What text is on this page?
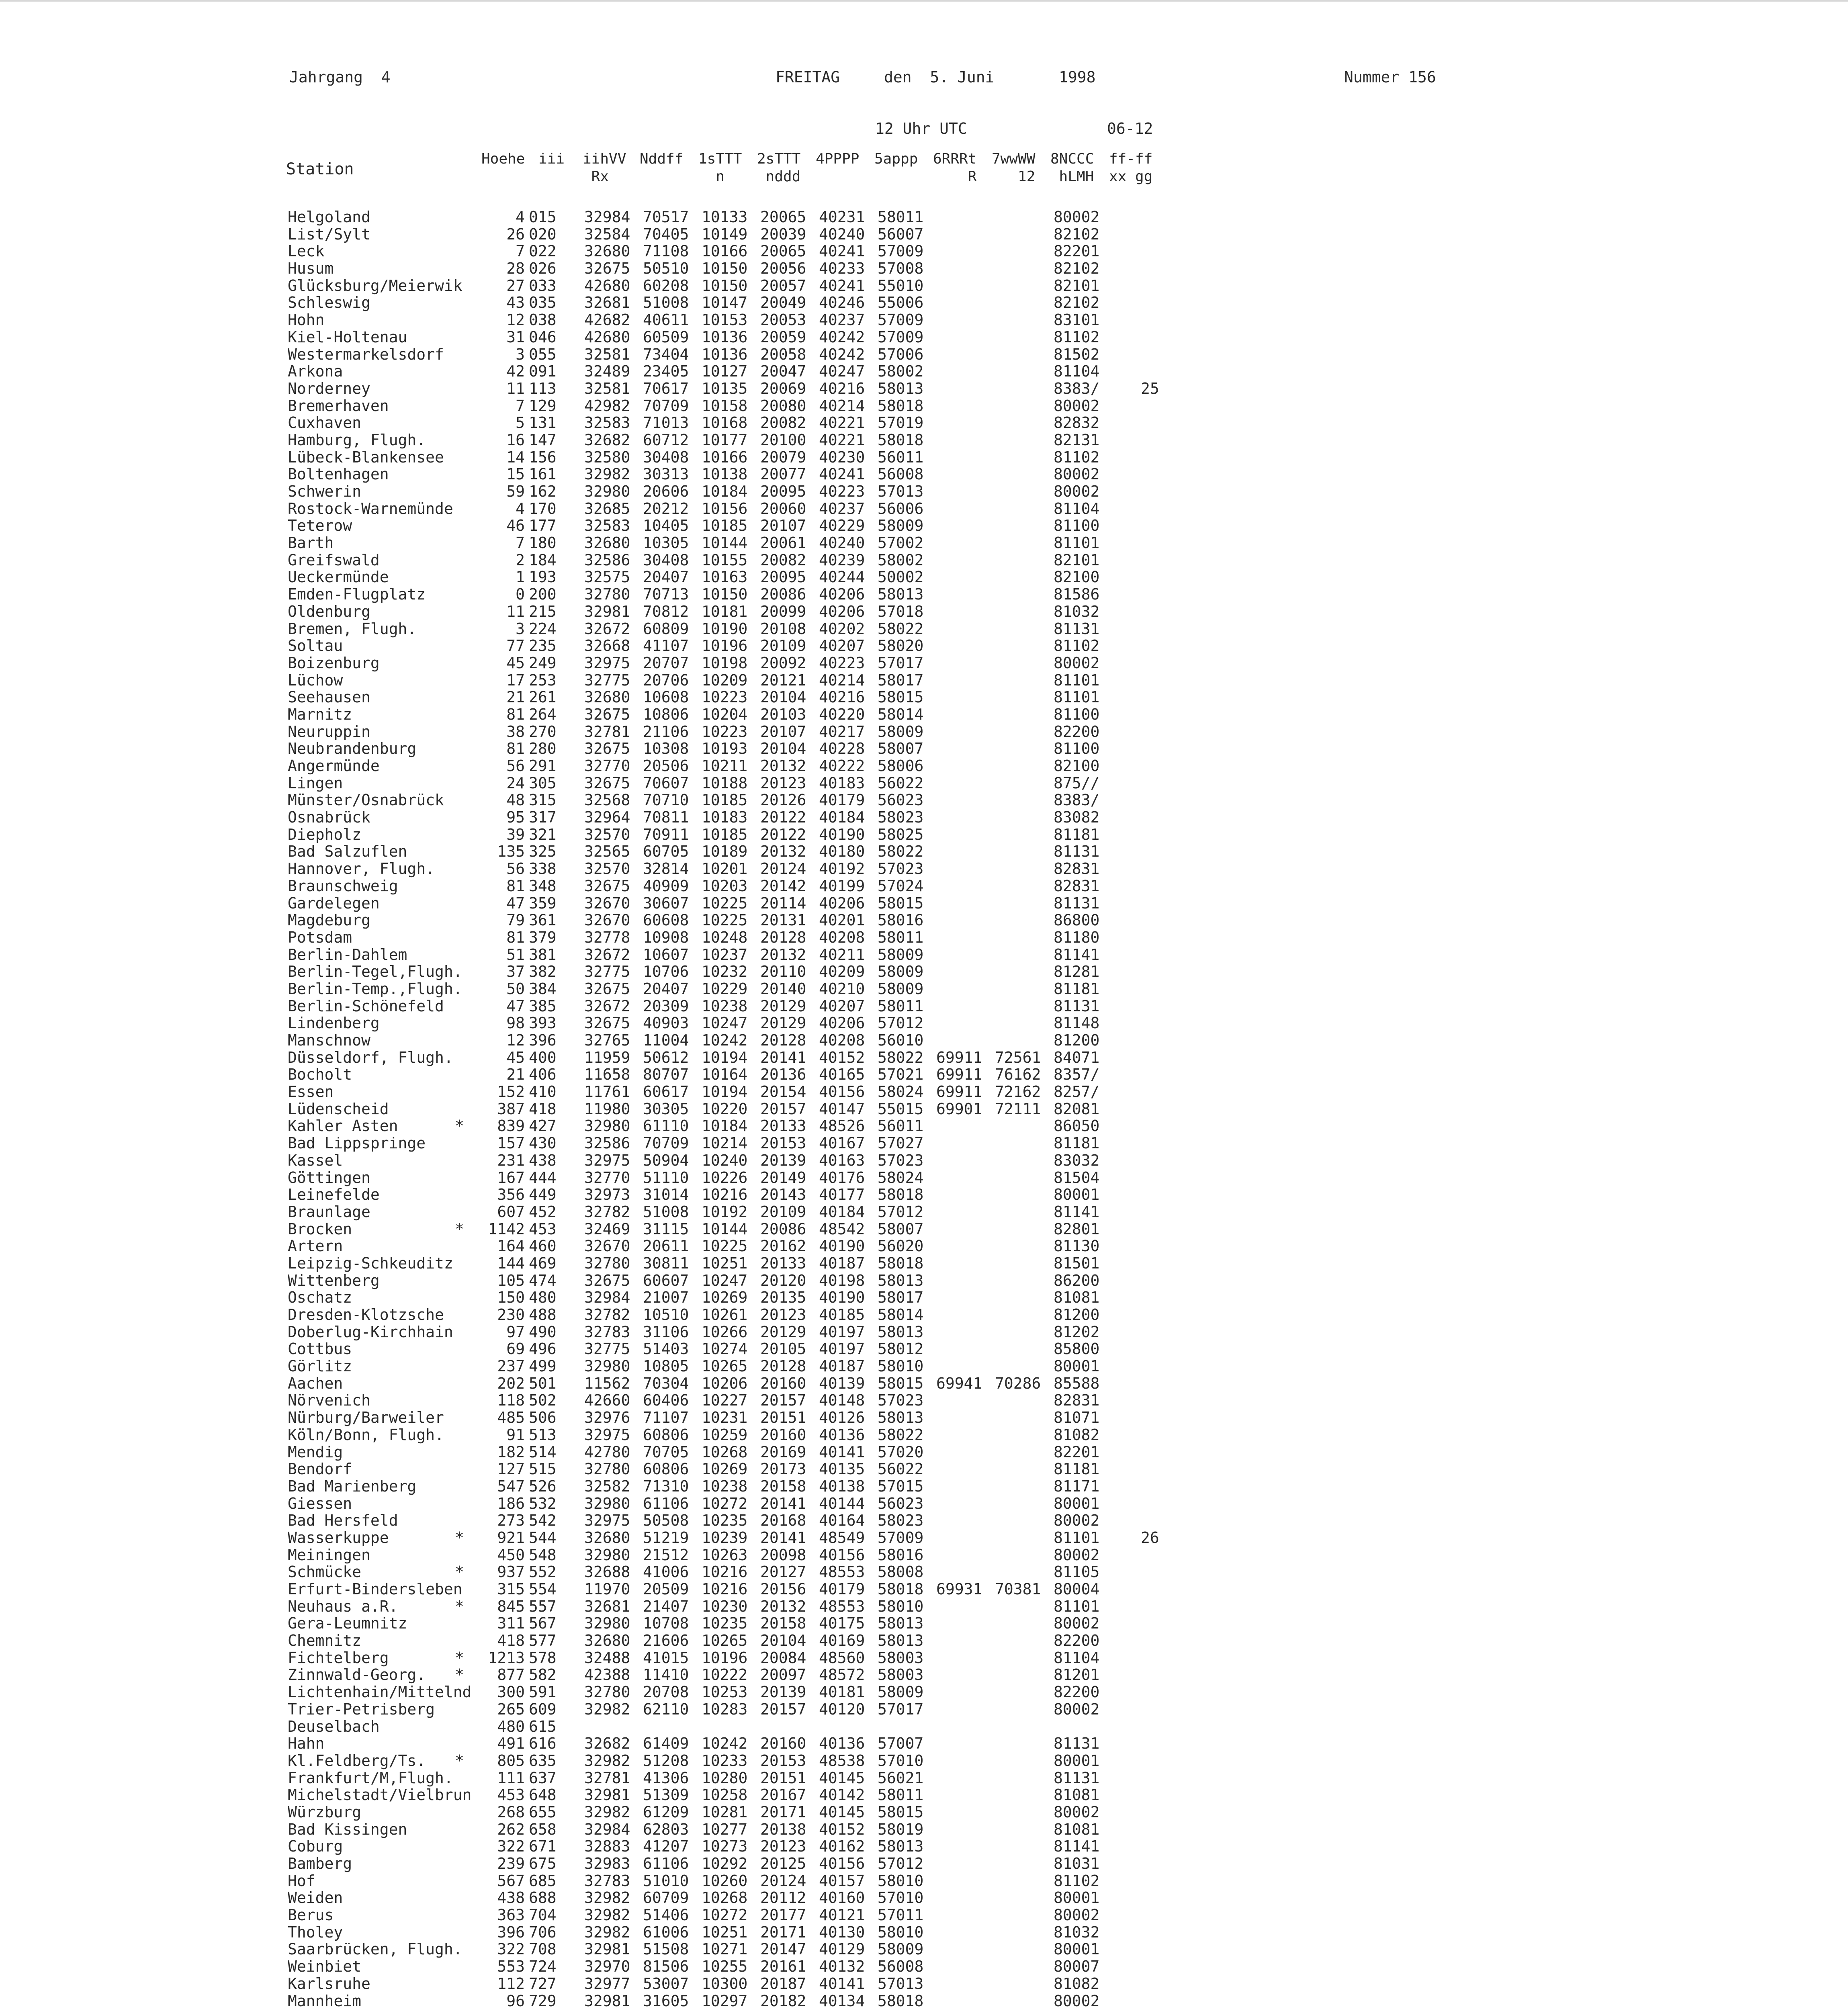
Jahrgang  4	FREITAG	den  5. Juni	1998	Nummer 156
12 Uhr UTC	06-12
Station
Hoehe iii iihVV
Rx
Nddff 1sTTT
n
2sTTT
nddd
4PPPP 5appp 6RRRt
R
7wwWW
12
8NCCC
hLMH
ff-ff
xx gg
Helgoland	4 015 32984 70517 10133 20065 40231 58011	80002
List/Sylt	26 020 32584 70405 10149 20039 40240 56007	82102
Leck	7 022 32680 71108 10166 20065 40241 57009	82201
Husum	28 026 32675 50510 10150 20056 40233 57008	82102
Glücksburg/Meierwik	27 033 42680 60208 10150 20057 40241 55010	82101
Schleswig	43 035 32681 51008 10147 20049 40246 55006	82102
Hohn	12 038 42682 40611 10153 20053 40237 57009	83101
Kiel-Holtenau	31 046 42680 60509 10136 20059 40242 57009	81102
Westermarkelsdorf	3 055 32581 73404 10136 20058 40242 57006	81502
Arkona	42 091 32489 23405 10127 20047 40247 58002	81104
Norderney	11 113 32581 70617 10135 20069 40216 58013	8383/	25
Bremerhaven	7 129 42982 70709 10158 20080 40214 58018	80002
Cuxhaven	5 131 32583 71013 10168 20082 40221 57019	82832
Hamburg, Flugh.	16 147 32682 60712 10177 20100 40221 58018	82131
Lübeck-Blankensee	14 156 32580 30408 10166 20079 40230 56011	81102
Boltenhagen	15 161 32982 30313 10138 20077 40241 56008	80002
Schwerin	59 162 32980 20606 10184 20095 40223 57013	80002
Rostock-Warnemünde	4 170 32685 20212 10156 20060 40237 56006	81104
Teterow	46 177 32583 10405 10185 20107 40229 58009	81100
Barth	7 180 32680 10305 10144 20061 40240 57002	81101
Greifswald	2 184 32586 30408 10155 20082 40239 58002	82101
Ueckermünde	1 193 32575 20407 10163 20095 40244 50002	82100
Emden-Flugplatz	0 200 32780 70713 10150 20086 40206 58013	81586
Oldenburg	11 215 32981 70812 10181 20099 40206 57018	81032
Bremen, Flugh.	3 224 32672 60809 10190 20108 40202 58022	81131
Soltau	77 235 32668 41107 10196 20109 40207 58020	81102
Boizenburg	45 249 32975 20707 10198 20092 40223 57017	80002
Lüchow	17 253 32775 20706 10209 20121 40214 58017	81101
Seehausen	21 261 32680 10608 10223 20104 40216 58015	81101
Marnitz	81 264 32675 10806 10204 20103 40220 58014	81100
Neuruppin	38 270 32781 21106 10223 20107 40217 58009	82200
Neubrandenburg	81 280 32675 10308 10193 20104 40228 58007	81100
Angermünde	56 291 32770 20506 10211 20132 40222 58006	82100
Lingen	24 305 32675 70607 10188 20123 40183 56022	875//
Münster/Osnabrück	48 315 32568 70710 10185 20126 40179 56023	8383/
Osnabrück	95 317 32964 70811 10183 20122 40184 58023	83082
Diepholz	39 321 32570 70911 10185 20122 40190 58025	81181
Bad Salzuflen	135 325 32565 60705 10189 20132 40180 58022	81131
Hannover, Flugh.	56 338 32570 32814 10201 20124 40192 57023	82831
Braunschweig	81 348 32675 40909 10203 20142 40199 57024	82831
Gardelegen	47 359 32670 30607 10225 20114 40206 58015	81131
Magdeburg	79 361 32670 60608 10225 20131 40201 58016	86800
Potsdam	81 379 32778 10908 10248 20128 40208 58011	81180
Berlin-Dahlem	51 381 32672 10607 10237 20132 40211 58009	81141
Berlin-Tegel,Flugh.	37 382 32775 10706 10232 20110 40209 58009	81281
Berlin-Temp.,Flugh.	50 384 32675 20407 10229 20140 40210 58009	81181
Berlin-Schönefeld	47 385 32672 20309 10238 20129 40207 58011	81131
Lindenberg	98 393 32675 40903 10247 20129 40206 57012	81148
Manschnow	12 396 32765 11004 10242 20128 40208 56010	81200
Düsseldorf, Flugh.	45 400 11959 50612 10194 20141 40152 58022 69911 72561 84071
Bocholt	21 406 11658 80707 10164 20136 40165 57021 69911 76162 8357/
Essen	152 410 11761 60617 10194 20154 40156 58024 69911 72162 8257/
Lüdenscheid	387 418 11980 30305 10220 20157 40147 55015 69901 72111 82081
Kahler Asten	*	839 427 32980 61110 10184 20133 48526 56011	86050
Bad Lippspringe	157 430 32586 70709 10214 20153 40167 57027	81181
Kassel	231 438 32975 50904 10240 20139 40163 57023	83032
Göttingen	167 444 32770 51110 10226 20149 40176 58024	81504
Leinefelde	356 449 32973 31014 10216 20143 40177 58018	80001
Braunlage	607 452 32782 51008 10192 20109 40184 57012	81141
Brocken	*	1142 453 32469 31115 10144 20086 48542 58007	82801
Artern	164 460 32670 20611 10225 20162 40190 56020	81130
Leipzig-Schkeuditz	144 469 32780 30811 10251 20133 40187 58018	81501
Wittenberg	105 474 32675 60607 10247 20120 40198 58013	86200
Oschatz	150 480 32984 21007 10269 20135 40190 58017	81081
Dresden-Klotzsche	230 488 32782 10510 10261 20123 40185 58014	81200
Doberlug-Kirchhain	97 490 32783 31106 10266 20129 40197 58013	81202
Cottbus	69 496 32775 51403 10274 20105 40197 58012	85800
Görlitz	237 499 32980 10805 10265 20128 40187 58010	80001
Aachen	202 501 11562 70304 10206 20160 40139 58015 69941 70286 85588
Nörvenich	118 502 42660 60406 10227 20157 40148 57023	82831
Nürburg/Barweiler	485 506 32976 71107 10231 20151 40126 58013	81071
Köln/Bonn, Flugh.	91 513 32975 60806 10259 20160 40136 58022	81082
Mendig	182 514 42780 70705 10268 20169 40141 57020	82201
Bendorf	127 515 32780 60806 10269 20173 40135 56022	81181
Bad Marienberg	547 526 32582 71310 10238 20158 40138 57015	81171
Giessen	186 532 32980 61106 10272 20141 40144 56023	80001
Bad Hersfeld	273 542 32975 50508 10235 20168 40164 58023	80002
Wasserkuppe	*	921 544 32680 51219 10239 20141 48549 57009	81101	26
Meiningen	450 548 32980 21512 10263 20098 40156 58016	80002
Schmücke	*	937 552 32688 41006 10216 20127 48553 58008	81105
Erfurt-Bindersleben	315 554 11970 20509 10216 20156 40179 58018 69931 70381 80004
Neuhaus a.R.	*	845 557 32681 21407 10230 20132 48553 58010	81101
Gera-Leumnitz	311 567 32980 10708 10235 20158 40175 58013	80002
Chemnitz	418 577 32680 21606 10265 20104 40169 58013	82200
Fichtelberg	*	1213 578 32488 41015 10196 20084 48560 58003	81104
Zinnwald-Georg. *	877 582 42388 11410 10222 20097 48572 58003	81201
Lichtenhain/Mittelnd	300 591 32780 20708 10253 20139 40181 58009	82200
Trier-Petrisberg	265 609 32982 62110 10283 20157 40120 57017	80002
Deuselbach	480 615
Hahn	491 616 32682 61409 10242 20160 40136 57007	81131
Kl.Feldberg/Ts. *	805 635 32982 51208 10233 20153 48538 57010	80001
Frankfurt/M,Flugh.	111 637 32781 41306 10280 20151 40145 56021	81131
Michelstadt/Vielbrun	453 648 32981 51309 10258 20167 40142 58011	81081
Würzburg	268 655 32982 61209 10281 20171 40145 58015	80002
Bad Kissingen	262 658 32984 62803 10277 20138 40152 58019	81081
Coburg	322 671 32883 41207 10273 20123 40162 58013	81141
Bamberg	239 675 32983 61106 10292 20125 40156 57012	81031
Hof	567 685 32783 51010 10260 20124 40157 58010	81102
Weiden	438 688 32982 60709 10268 20112 40160 57010	80001
Berus	363 704 32982 51406 10272 20177 40121 57011	80002
Tholey	396 706 32982 61006 10251 20171 40130 58010	81032
Saarbrücken, Flugh.	322 708 32981 51508 10271 20147 40129 58009	80001
Weinbiet	553 724 32970 81506 10255 20161 40132 56008	80007
Karlsruhe	112 727 32977 53007 10300 20187 40141 57013	81082
Mannheim	96 729 32981 31605 10297 20182 40134 58018	80002
